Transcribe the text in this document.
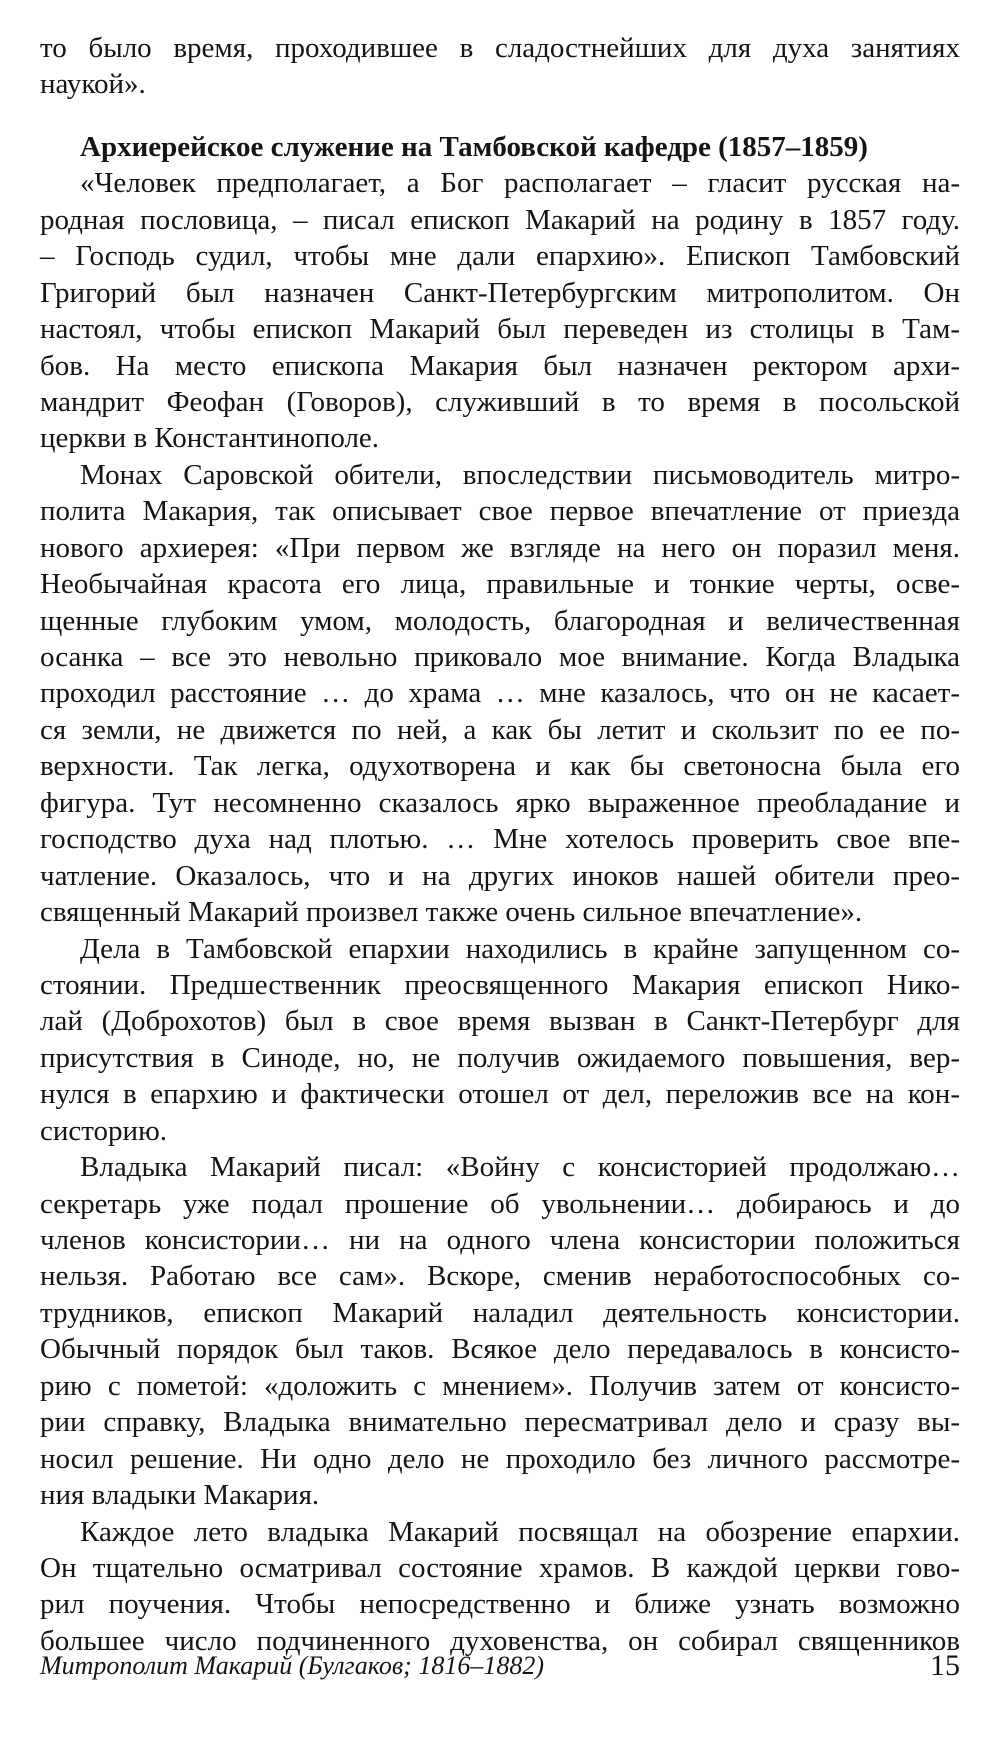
то было время, проходившее в сладостнейших для духа занятиях
наукой».
Архиерейское служение на Тамбовской кафедре (1857–1859)
«Человек предполагает, а Бог располагает – гласит русская на-
родная пословица, – писал епископ Макарий на родину в 1857 году.
– Господь судил, чтобы мне дали епархию». Епископ Тамбовский
Григорий был назначен Санкт-Петербургским митрополитом. Он
настоял, чтобы епископ Макарий был переведен из столицы в Там-
бов. На место епископа Макария был назначен ректором архи-
мандрит Феофан (Говоров), служивший в то время в посольской
церкви в Константинополе.
Монах Саровской обители, впоследствии письмоводитель митро-
полита Макария, так описывает свое первое впечатление от приезда
нового архиерея: «При первом же взгляде на него он поразил меня.
Необычайная красота его лица, правильные и тонкие черты, осве-
щенные глубоким умом, молодость, благородная и величественная
осанка – все это невольно приковало мое внимание. Когда Владыка
проходил расстояние … до храма … мне казалось, что он не касает-
ся земли, не движется по ней, а как бы летит и скользит по ее по-
верхности. Так легка, одухотворена и как бы светоносна была его
фигура. Тут несомненно сказалось ярко выраженное преобладание и
господство духа над плотью. … Мне хотелось проверить свое впе-
чатление. Оказалось, что и на других иноков нашей обители прео-
священный Макарий произвел также очень сильное впечатление».
Дела в Тамбовской епархии находились в крайне запущенном со-
стоянии. Предшественник преосвященного Макария епископ Нико-
лай (Доброхотов) был в свое время вызван в Санкт-Петербург для
присутствия в Синоде, но, не получив ожидаемого повышения, вер-
нулся в епархию и фактически отошел от дел, переложив все на кон-
систорию.
Владыка Макарий писал: «Войну с консисторией продолжаю…
секретарь уже подал прошение об увольнении… добираюсь и до
членов консистории… ни на одного члена консистории положиться
нельзя. Работаю все сам». Вскоре, сменив неработоспособных со-
трудников, епископ Макарий наладил деятельность консистории.
Обычный порядок был таков. Всякое дело передавалось в консисто-
рию с пометой: «доложить с мнением». Получив затем от консисто-
рии справку, Владыка внимательно пересматривал дело и сразу вы-
носил решение. Ни одно дело не проходило без личного рассмотре-
ния владыки Макария.
Каждое лето владыка Макарий посвящал на обозрение епархии.
Он тщательно осматривал состояние храмов. В каждой церкви гово-
рил поучения. Чтобы непосредственно и ближе узнать возможно
большее число подчиненного духовенства, он собирал священников
Митрополит Макарий (Булгаков; 1816–1882)	15
